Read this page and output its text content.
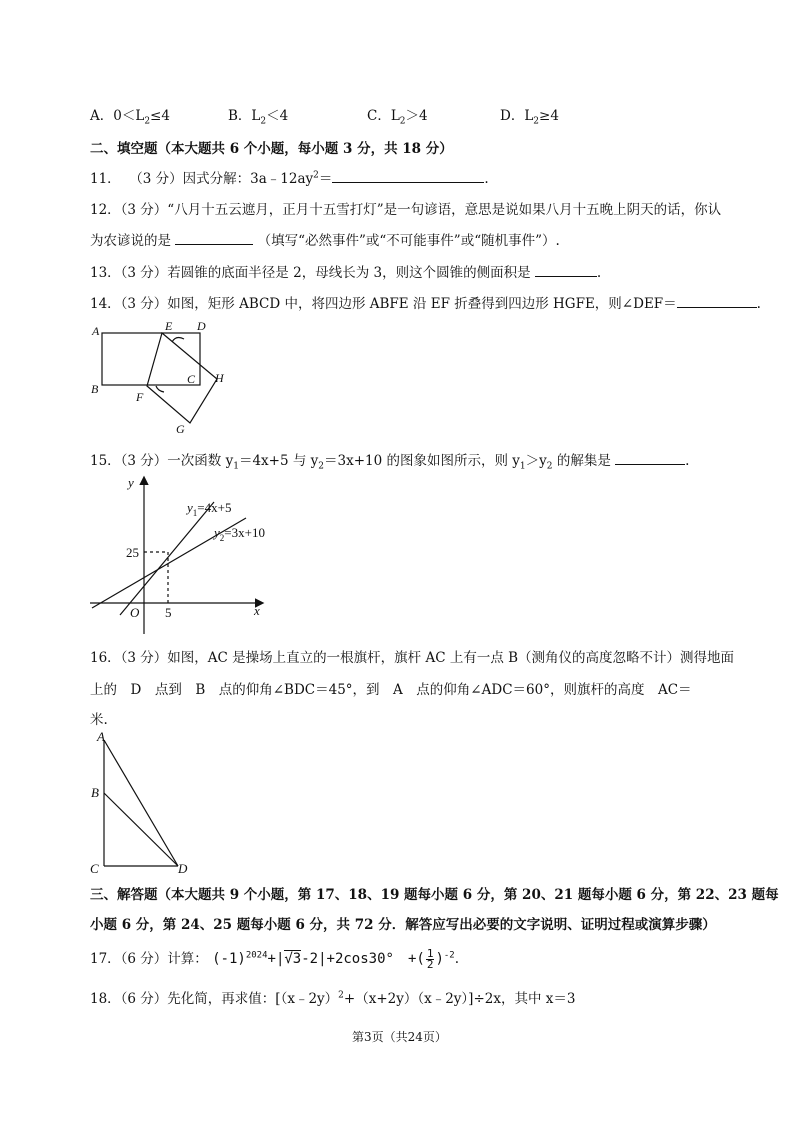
A．$0<L_2\le 4$	B．$L_2<4$	C．$L_2>4$	D．$L_2\ge 4$
二、填空题（本大题共 6 个小题，每小题 3 分，共 18 分）
11． （3 分）因式分解：$3a﹣12ay^2=$	.
12．（3 分）“八月十五云遮月，正月十五雪打灯”是一句谚语，意思是说如果八月十五晚上阴天的话，你认
为农谚说的是	（填写“必然事件”或“不可能事件”或“随机事件”）.
13．（3 分）若圆锥的底面半径是 2，母线长为 3，则这个圆锥的侧面积是	.
14．（3 分）如图，矩形 ABCD 中，将四边形 ABFE 沿 EF 折叠得到四边形 HGFE，则∠DEF＝	.
A
B
C
D
E
F
G
H
15．（3 分）一次函数 $y_1=4x+5$ 与 $y_2=3x+10$ 的图象如图所示，则 $y_1>y_2$ 的解集是	.
y
x
O
25
5
$y_1=4x+5$
$y_2=3x+10$
16．（3 分）如图，AC 是操场上直立的一根旗杆，旗杆 AC 上有一点 B（测角仪的高度忽略不计）测得地面
上的　D　点到　B　点的仰角∠BDC＝45°，到　A　点的仰角∠ADC＝60°，则旗杆的高度　AC＝
米.
A
B
C	D
三、解答题（本大题共 9 个小题，第 17、18、19 题每小题 6 分，第 20、21 题每小题 6 分，第 22、23 题每
小题 6 分，第 24、25 题每小题 6 分，共 72 分．解答应写出必要的文字说明、证明过程或演算步骤）
17．（6 分）计算： $(-1)^{2024}+|√3-2|+2\cos 30^\circ$　+( $\frac{1}{2} )^{-2}$.
18．（6 分）先化简，再求值：[（x﹣2y）$^2$+（x+2y）（x﹣2y）]÷2x，其中 x＝3
第3页（共24页）
